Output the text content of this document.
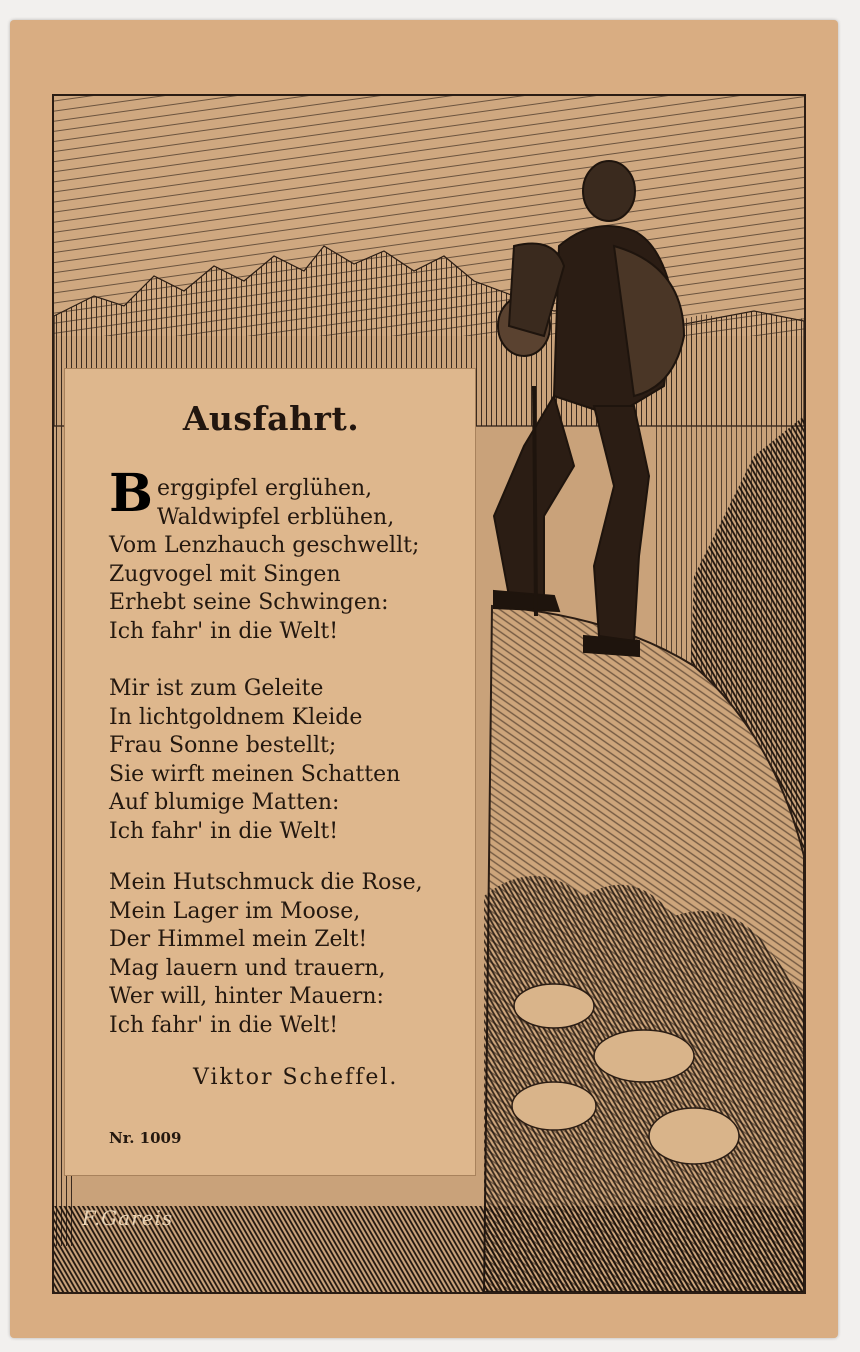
F.Gareis
Ausfahrt.
B erggipfel erglühen,
Waldwipfel erblühen,
Vom Lenzhauch geschwellt;
Zugvogel mit Singen
Erhebt seine Schwingen:
Ich fahr' in die Welt!
Mir ist zum Geleite
In lichtgoldnem Kleide
Frau Sonne bestellt;
Sie wirft meinen Schatten
Auf blumige Matten:
Ich fahr' in die Welt!
Mein Hutschmuck die Rose,
Mein Lager im Moose,
Der Himmel mein Zelt!
Mag lauern und trauern,
Wer will, hinter Mauern:
Ich fahr' in die Welt!
Viktor Scheffel.
Nr. 1009
